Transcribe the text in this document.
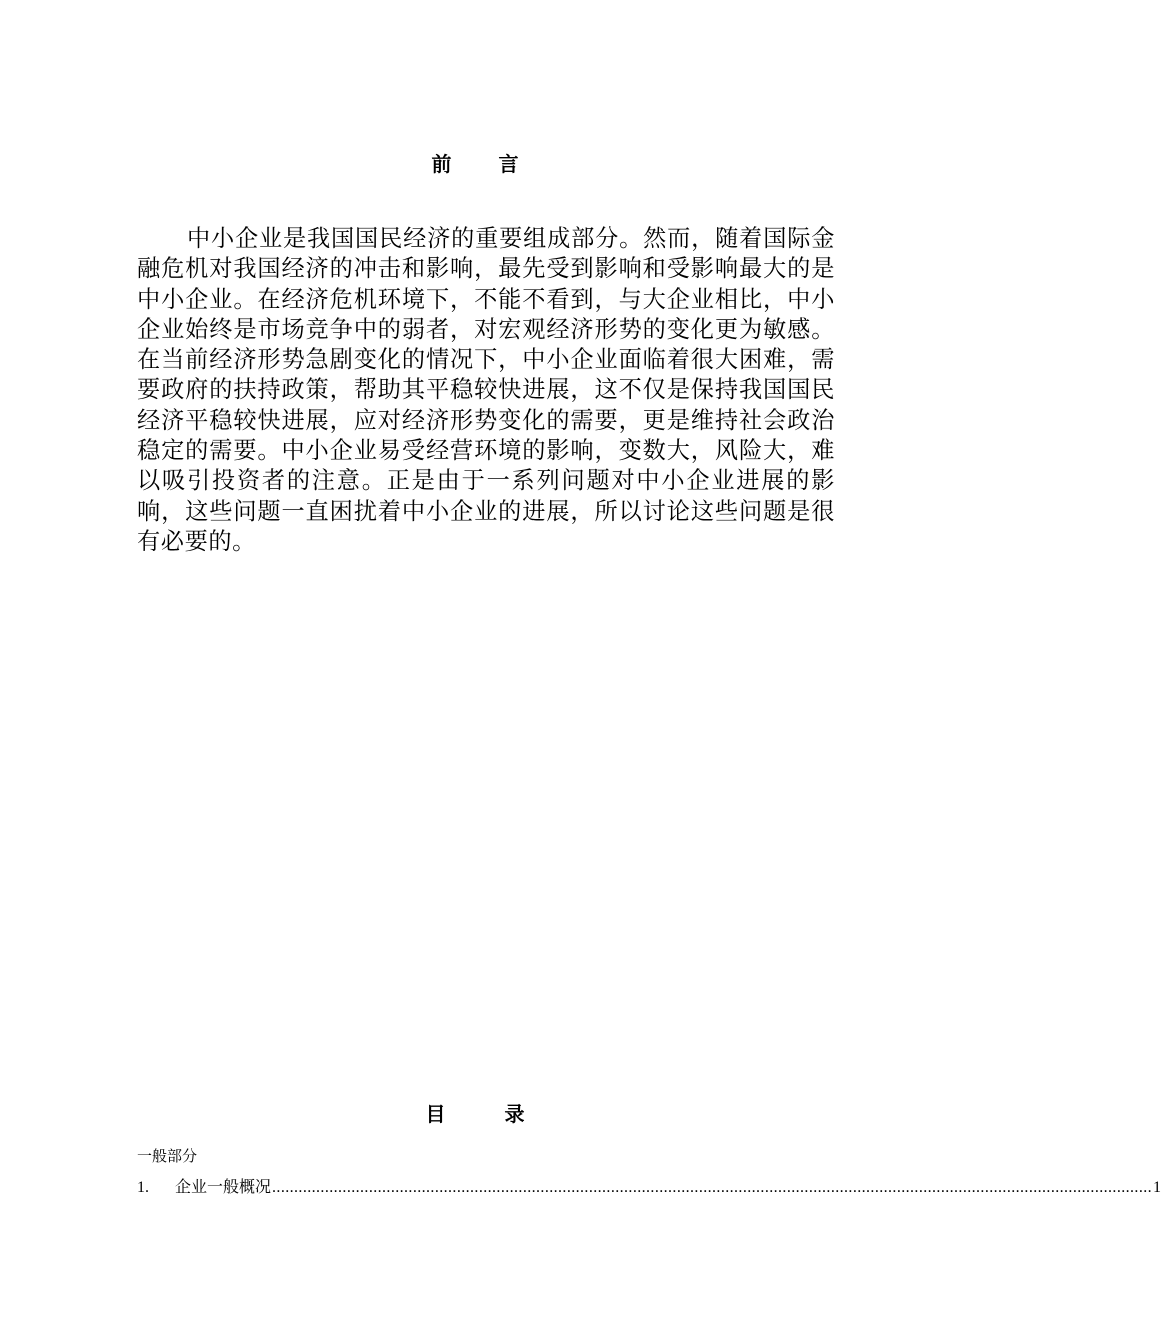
前 言

中小企业是我国国民经济的重要组成部分。然而，随着国际金融危机对我国经济的冲击和影响，最先受到影响和受影响最大的是中小企业。在经济危机环境下，不能不看到，与大企业相比，中小企业始终是市场竞争中的弱者，对宏观经济形势的变化更为敏感。在当前经济形势急剧变化的情况下，中小企业面临着很大困难，需要政府的扶持政策，帮助其平稳较快进展，这不仅是保持我国国民经济平稳较快进展，应对经济形势变化的需要，更是维持社会政治稳定的需要。中小企业易受经营环境的影响，变数大，风险大，难以吸引投资者的注意。正是由于一系列问题对中小企业进展的影响，这些问题一直困扰着中小企业的进展，所以讨论这些问题是很有必要的。

目 录
一般部分
1.	企业一般概况 ........................................................................................................................................................................................................ 1
